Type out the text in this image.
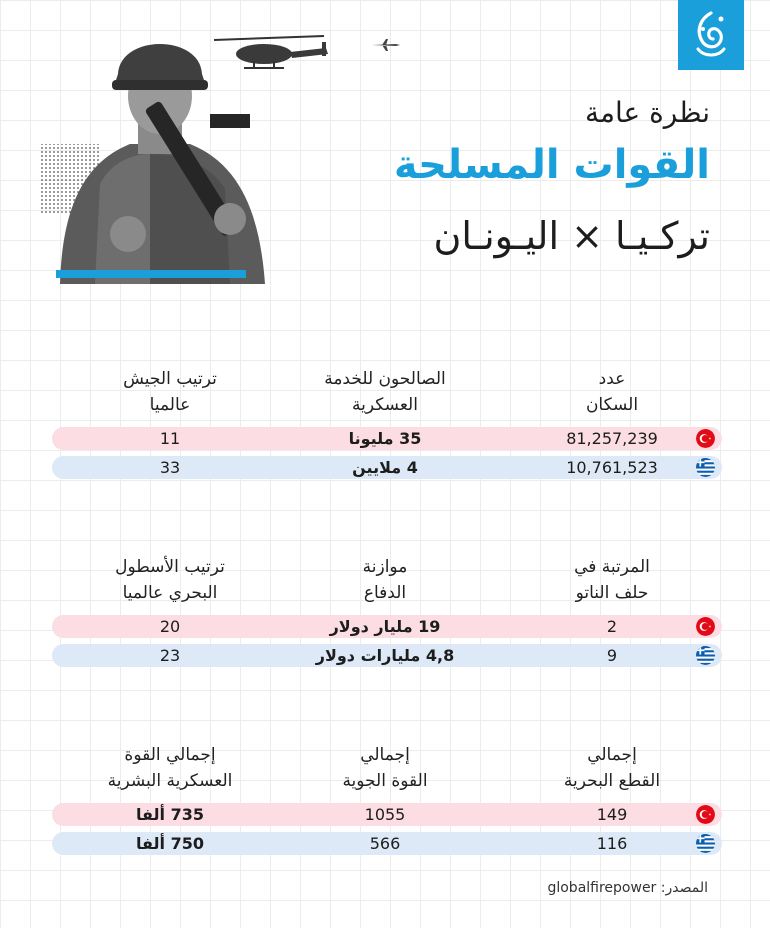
نظرة عامة
القوات المسلحة
تركـيـا × اليـونـان
عدد
السكان
الصالحون للخدمة
العسكرية
ترتيب الجيش
عالميا
81,257,239
35 مليونا
11
10,761,523
4 ملايين
33
المرتبة في
حلف الناتو
موازنة
الدفاع
ترتيب الأسطول
البحري عالميا
2
19 مليار دولار
20
9
4,8 مليارات دولار
23
إجمالي
القطع البحرية
إجمالي
القوة الجوية
إجمالي القوة
العسكرية البشرية
149
1055
735 ألفا
116
566
750 ألفا
المصدر: globalfirepower
